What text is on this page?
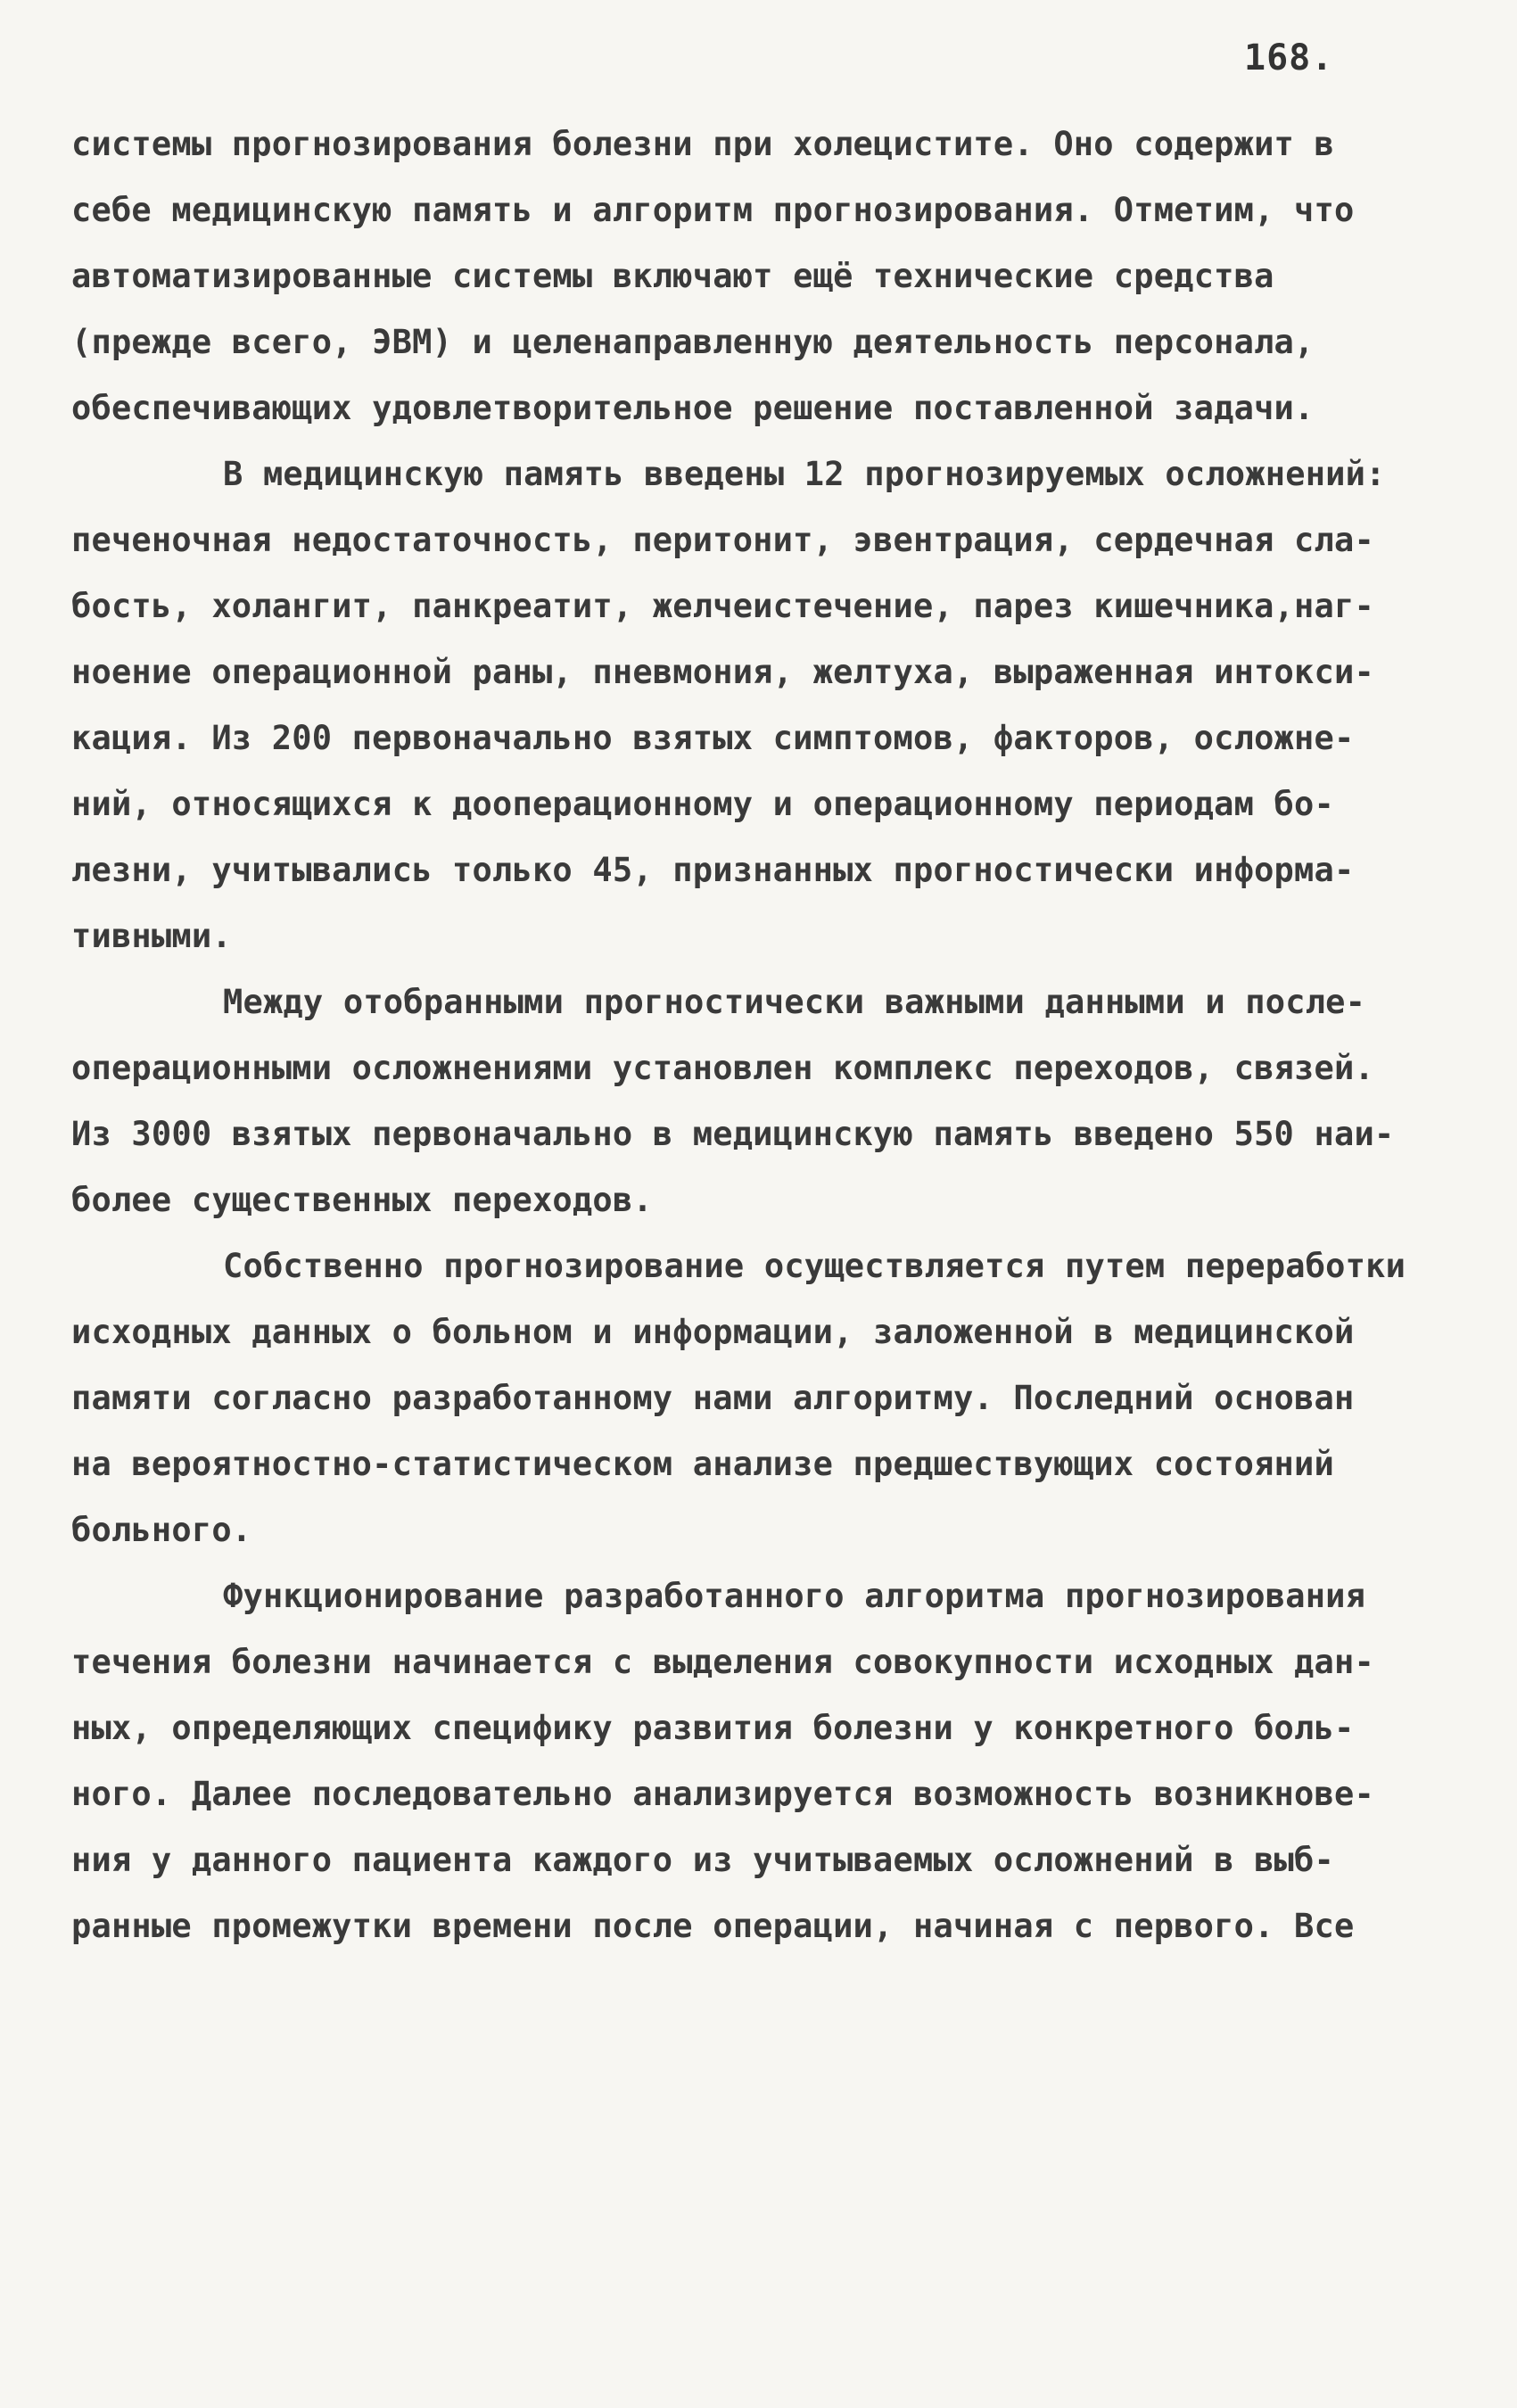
168.
системы прогнозирования болезни при холецистите. Оно содержит в
себе медицинскую память и алгоритм прогнозирования. Отметим, что
автоматизированные системы включают ещё технические средства
(прежде всего, ЭВМ) и целенаправленную деятельность персонала,
обеспечивающих удовлетворительное решение поставленной задачи.
В медицинскую память введены 12 прогнозируемых осложнений:
печеночная недостаточность, перитонит, эвентрация, сердечная сла-
бость, холангит, панкреатит, желчеистечение, парез кишечника,наг-
ноение операционной раны, пневмония, желтуха, выраженная интокси-
кация. Из 200 первоначально взятых симптомов, факторов, осложне-
ний, относящихся к дооперационному и операционному периодам бо-
лезни, учитывались только 45, признанных прогностически информа-
тивными.
Между отобранными прогностически важными данными и после-
операционными осложнениями установлен комплекс переходов, связей.
Из 3000 взятых первоначально в медицинскую память введено 550 наи-
более существенных переходов.
Собственно прогнозирование осуществляется путем переработки
исходных данных о больном и информации, заложенной в медицинской
памяти согласно разработанному нами алгоритму. Последний основан
на вероятностно-статистическом анализе предшествующих состояний
больного.
Функционирование разработанного алгоритма прогнозирования
течения болезни начинается с выделения совокупности исходных дан-
ных, определяющих специфику развития болезни у конкретного боль-
ного. Далее последовательно анализируется возможность возникнове-
ния у данного пациента каждого из учитываемых осложнений в выб-
ранные промежутки времени после операции, начиная с первого. Все
